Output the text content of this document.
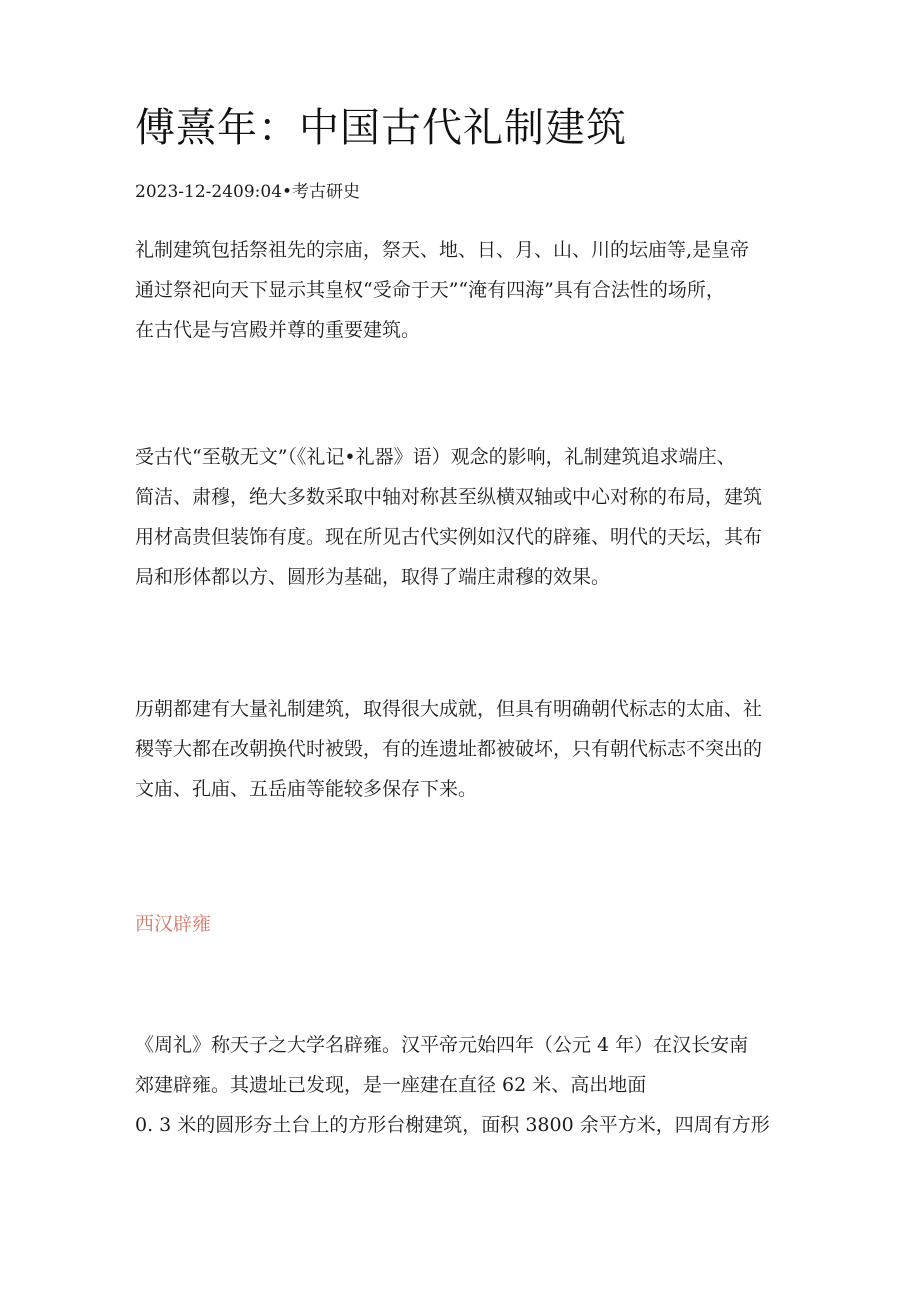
傅熹年：中国古代礼制建筑
2023-12-2409:04•考古研史

礼制建筑包括祭祖先的宗庙，祭天、地、日、月、山、川的坛庙等,是皇帝
通过祭祀向天下显示其皇权“受命于天”“淹有四海”具有合法性的场所，
在古代是与宫殿并尊的重要建筑。

受古代“至敬无文”（《礼记•礼器》语）观念的影响，礼制建筑追求端庄、
简洁、肃穆，绝大多数采取中轴对称甚至纵横双轴或中心对称的布局，建筑
用材高贵但装饰有度。现在所见古代实例如汉代的辟雍、明代的天坛，其布
局和形体都以方、圆形为基础，取得了端庄肃穆的效果。

历朝都建有大量礼制建筑，取得很大成就，但具有明确朝代标志的太庙、社
稷等大都在改朝换代时被毁，有的连遗址都被破坏，只有朝代标志不突出的
文庙、孔庙、五岳庙等能较多保存下来。

西汉辟雍

《周礼》称天子之大学名辟雍。汉平帝元始四年（公元 4 年）在汉长安南
郊建辟雍。其遗址已发现，是一座建在直径 62 米、高出地面
0. 3 米的圆形夯土台上的方形台榭建筑，面积 3800 余平方米，四周有方形
